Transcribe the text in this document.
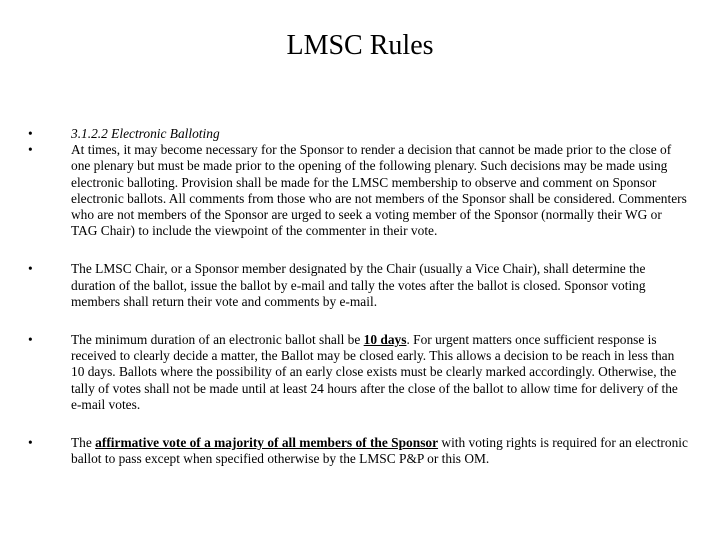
LMSC Rules
•	3.1.2.2 Electronic Balloting
•	At times, it may become necessary for the Sponsor to render a decision that cannot be made prior to the close of one plenary but must be made prior to the opening of the following plenary. Such decisions may be made using electronic balloting. Provision shall be made for the LMSC membership to observe and comment on Sponsor electronic ballots. All comments from those who are not members of the Sponsor shall be considered. Commenters who are not members of the Sponsor are urged to seek a voting member of the Sponsor (normally their WG or TAG Chair) to include the viewpoint of the commenter in their vote.
•	The LMSC Chair, or a Sponsor member designated by the Chair (usually a Vice Chair), shall determine the duration of the ballot, issue the ballot by e-mail and tally the votes after the ballot is closed. Sponsor voting members shall return their vote and comments by e-mail.
•	The minimum duration of an electronic ballot shall be 10 days. For urgent matters once sufficient response is received to clearly decide a matter, the Ballot may be closed early. This allows a decision to be reach in less than 10 days. Ballots where the possibility of an early close exists must be clearly marked accordingly. Otherwise, the tally of votes shall not be made until at least 24 hours after the close of the ballot to allow time for delivery of the e-mail votes.
•	The affirmative vote of a majority of all members of the Sponsor with voting rights is required for an electronic ballot to pass except when specified otherwise by the LMSC P&P or this OM.
